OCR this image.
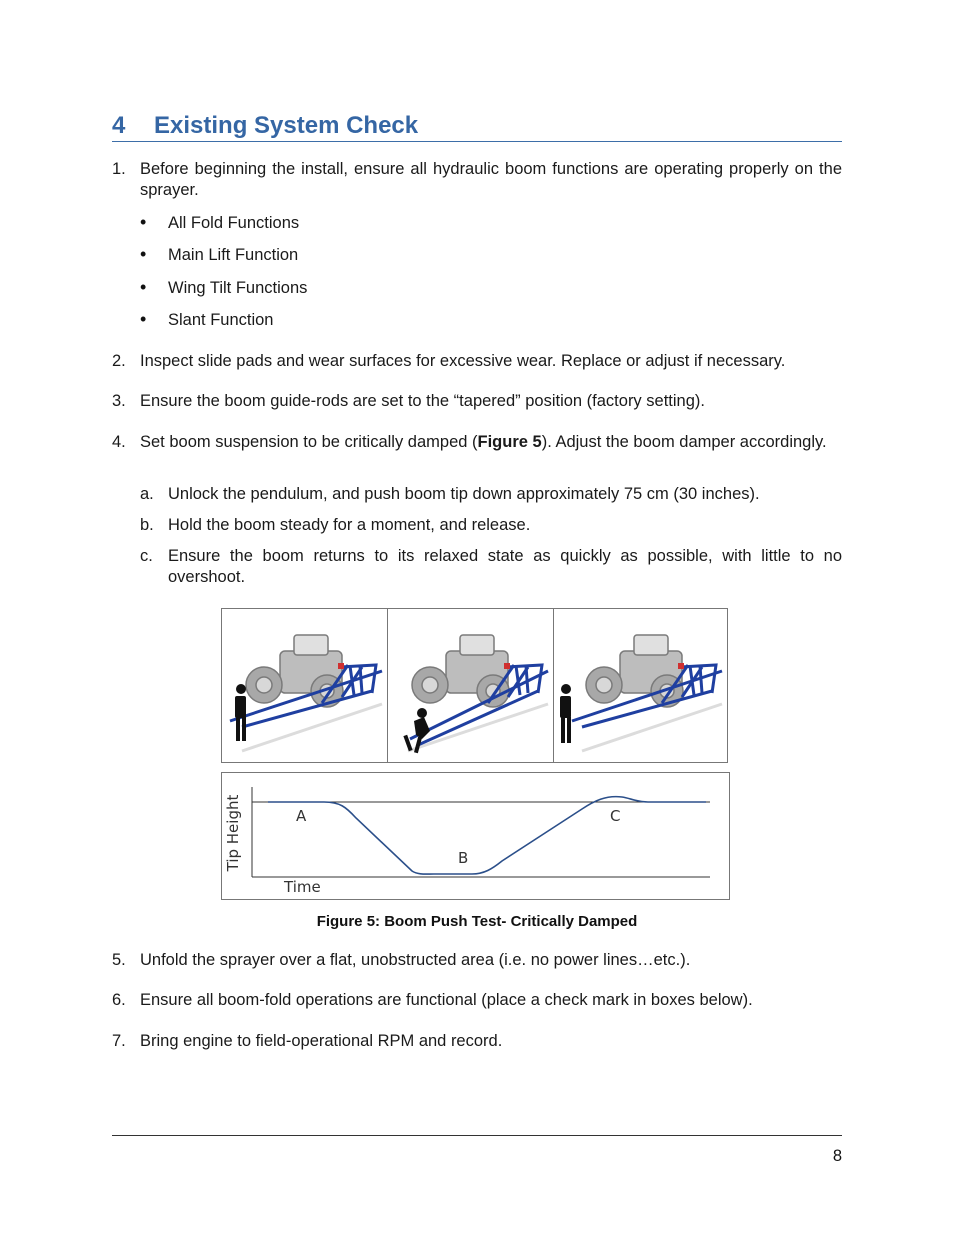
4 Existing System Check
1. Before beginning the install, ensure all hydraulic boom functions are operating properly on the sprayer.
• All Fold Functions
• Main Lift Function
• Wing Tilt Functions
• Slant Function
2. Inspect slide pads and wear surfaces for excessive wear. Replace or adjust if necessary.
3. Ensure the boom guide-rods are set to the “tapered” position (factory setting).
4. Set boom suspension to be critically damped (Figure 5). Adjust the boom damper accordingly.
a. Unlock the pendulum, and push boom tip down approximately 75 cm (30 inches).
b. Hold the boom steady for a moment, and release.
c. Ensure the boom returns to its relaxed state as quickly as possible, with little to no overshoot.
Tip Height
Time
A
B
C
Figure 5: Boom Push Test- Critically Damped
5. Unfold the sprayer over a flat, unobstructed area (i.e. no power lines…etc.).
6. Ensure all boom-fold operations are functional (place a check mark in boxes below).
7. Bring engine to field-operational RPM and record.
8
